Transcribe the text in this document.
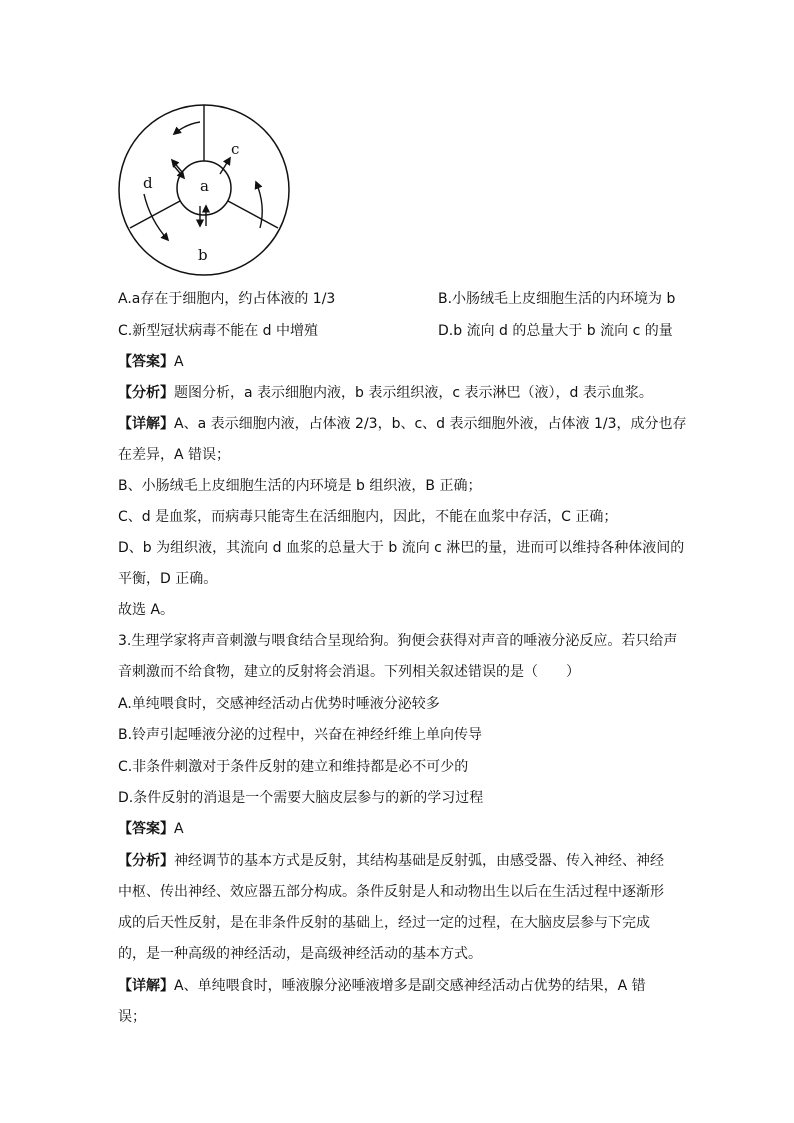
a
b
c
d
A.a存在于细胞内，约占体液的 1/3	B.小肠绒毛上皮细胞生活的内环境为 b
C.新型冠状病毒不能在 d 中增殖	D.b 流向 d 的总量大于 b 流向 c 的量
【答案】A
【分析】题图分析，a 表示细胞内液，b 表示组织液，c 表示淋巴（液），d 表示血浆。
【详解】A、a 表示细胞内液，占体液 2/3，b、c、d 表示细胞外液，占体液 1/3，成分也存
在差异，A 错误；
B、小肠绒毛上皮细胞生活的内环境是 b 组织液，B 正确；
C、d 是血浆，而病毒只能寄生在活细胞内，因此，不能在血浆中存活，C 正确；
D、b 为组织液，其流向 d 血浆的总量大于 b 流向 c 淋巴的量，进而可以维持各种体液间的
平衡，D 正确。
故选 A。
3.生理学家将声音刺激与喂食结合呈现给狗。狗便会获得对声音的唾液分泌反应。若只给声
音刺激而不给食物，建立的反射将会消退。下列相关叙述错误的是（　　）
A.单纯喂食时，交感神经活动占优势时唾液分泌较多
B.铃声引起唾液分泌的过程中，兴奋在神经纤维上单向传导
C.非条件刺激对于条件反射的建立和维持都是必不可少的
D.条件反射的消退是一个需要大脑皮层参与的新的学习过程
【答案】A
【分析】神经调节的基本方式是反射，其结构基础是反射弧，由感受器、传入神经、神经
中枢、传出神经、效应器五部分构成。条件反射是人和动物出生以后在生活过程中逐渐形
成的后天性反射，是在非条件反射的基础上，经过一定的过程，在大脑皮层参与下完成
的，是一种高级的神经活动，是高级神经活动的基本方式。
【详解】A、单纯喂食时，唾液腺分泌唾液增多是副交感神经活动占优势的结果，A 错
误；
